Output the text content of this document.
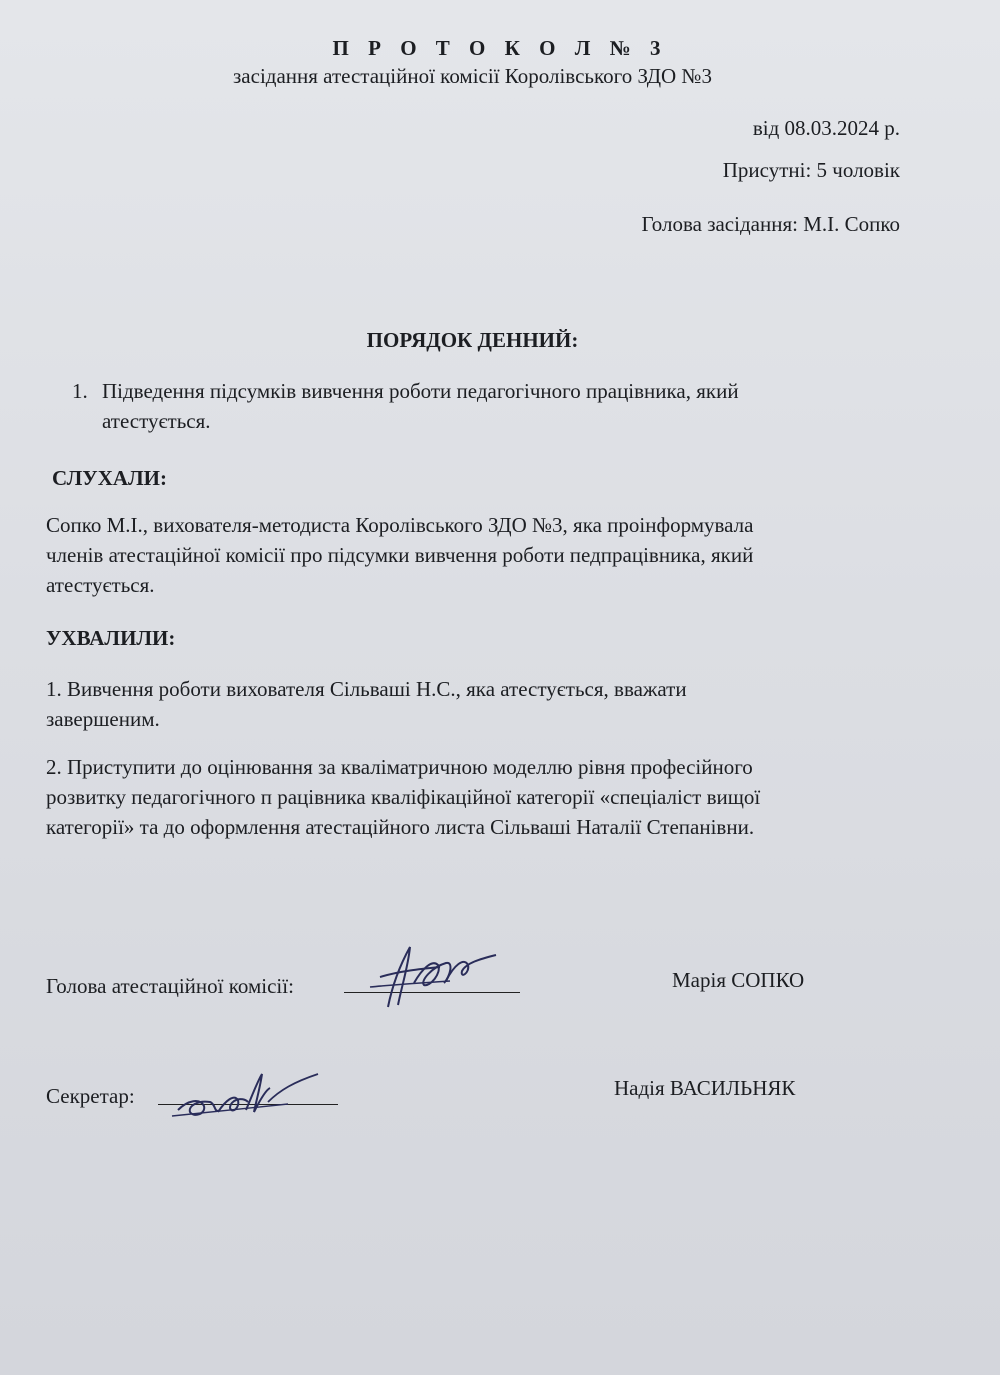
П Р О Т О К О Л № 3
засідання атестаційної комісії Королівського ЗДО №3
від 08.03.2024 р.
Присутні: 5 чоловік
Голова засідання: М.І. Сопко
ПОРЯДОК ДЕННИЙ:
1. Підведення підсумків вивчення роботи педагогічного працівника, який
атестується.
СЛУХАЛИ:
Сопко М.І., вихователя-методиста Королівського ЗДО №3, яка проінформувала
членів атестаційної комісії про підсумки вивчення роботи педпрацівника, який
атестується.
УХВАЛИЛИ:
1. Вивчення роботи вихователя Сільваші Н.С., яка атестується, вважати
завершеним.
2. Приступити до оцінювання за кваліматричною моделлю рівня професійного
розвитку педагогічного п рацівника кваліфікаційної категорії «спеціаліст вищої
категорії» та до оформлення атестаційного листа Сільваші Наталії Степанівни.
Голова атестаційної комісії:	Марія СОПКО
Секретар:	Надія ВАСИЛЬНЯК
